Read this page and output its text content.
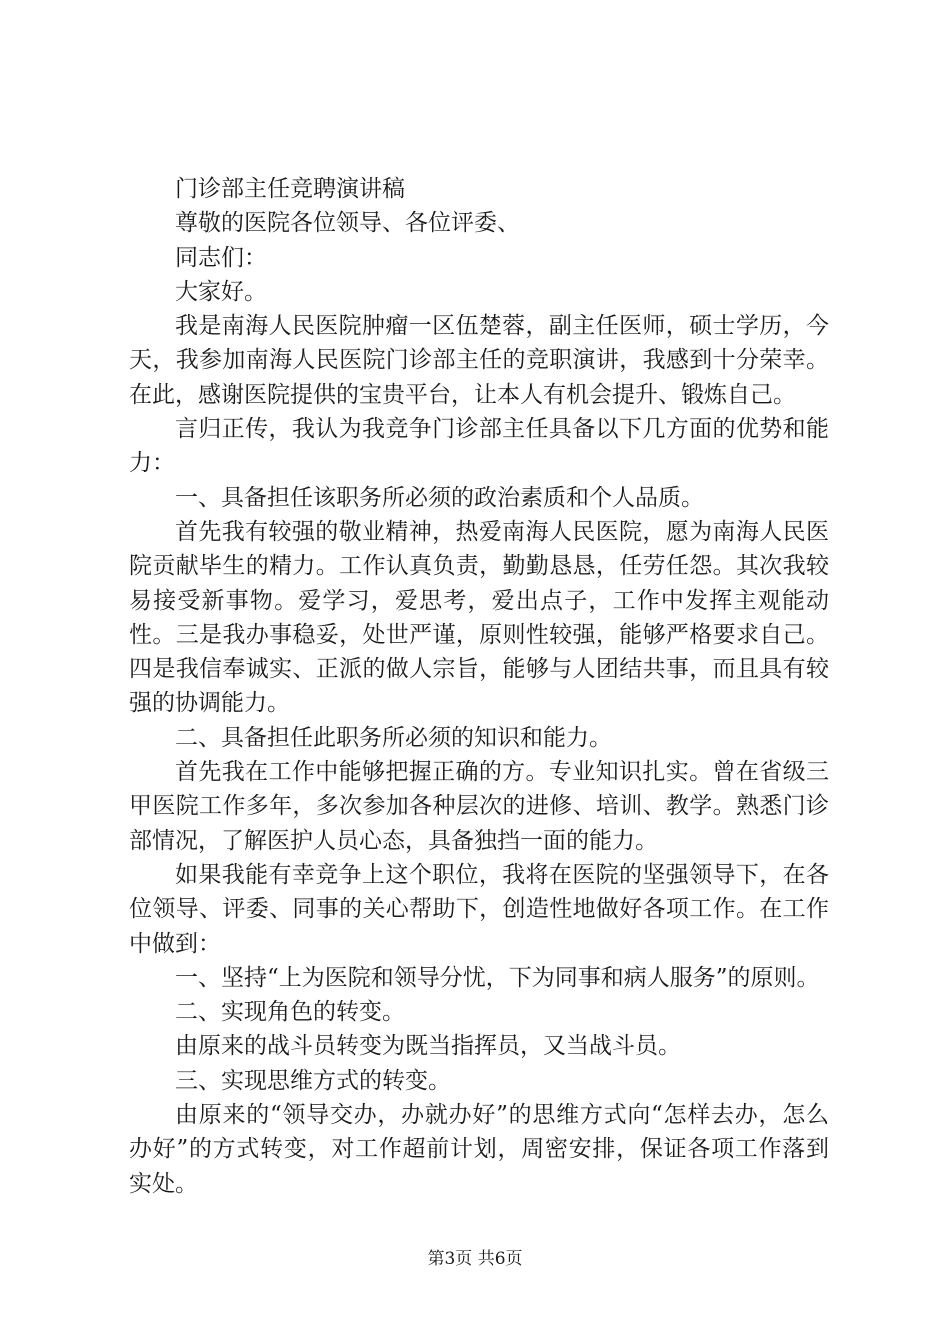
门诊部主任竞聘演讲稿

尊敬的医院各位领导、各位评委、

同志们：

大家好。

我是南海人民医院肿瘤一区伍楚蓉，副主任医师，硕士学历，今天，我参加南海人民医院门诊部主任的竞职演讲，我感到十分荣幸。在此，感谢医院提供的宝贵平台，让本人有机会提升、锻炼自己。

言归正传，我认为我竞争门诊部主任具备以下几方面的优势和能力：

一、具备担任该职务所必须的政治素质和个人品质。

首先我有较强的敬业精神，热爱南海人民医院，愿为南海人民医院贡献毕生的精力。工作认真负责，勤勤恳恳，任劳任怨。其次我较易接受新事物。爱学习，爱思考，爱出点子，工作中发挥主观能动性。三是我办事稳妥，处世严谨，原则性较强，能够严格要求自己。四是我信奉诚实、正派的做人宗旨，能够与人团结共事，而且具有较强的协调能力。

二、具备担任此职务所必须的知识和能力。

首先我在工作中能够把握正确的方。专业知识扎实。曾在省级三甲医院工作多年，多次参加各种层次的进修、培训、教学。熟悉门诊部情况，了解医护人员心态，具备独挡一面的能力。

如果我能有幸竞争上这个职位，我将在医院的坚强领导下，在各位领导、评委、同事的关心帮助下，创造性地做好各项工作。在工作中做到：

一、坚持“上为医院和领导分忧，下为同事和病人服务”的原则。

二、实现角色的转变。

由原来的战斗员转变为既当指挥员，又当战斗员。

三、实现思维方式的转变。

由原来的“领导交办，办就办好”的思维方式向“怎样去办，怎么办好”的方式转变，对工作超前计划，周密安排，保证各项工作落到实处。

第3页 共6页
